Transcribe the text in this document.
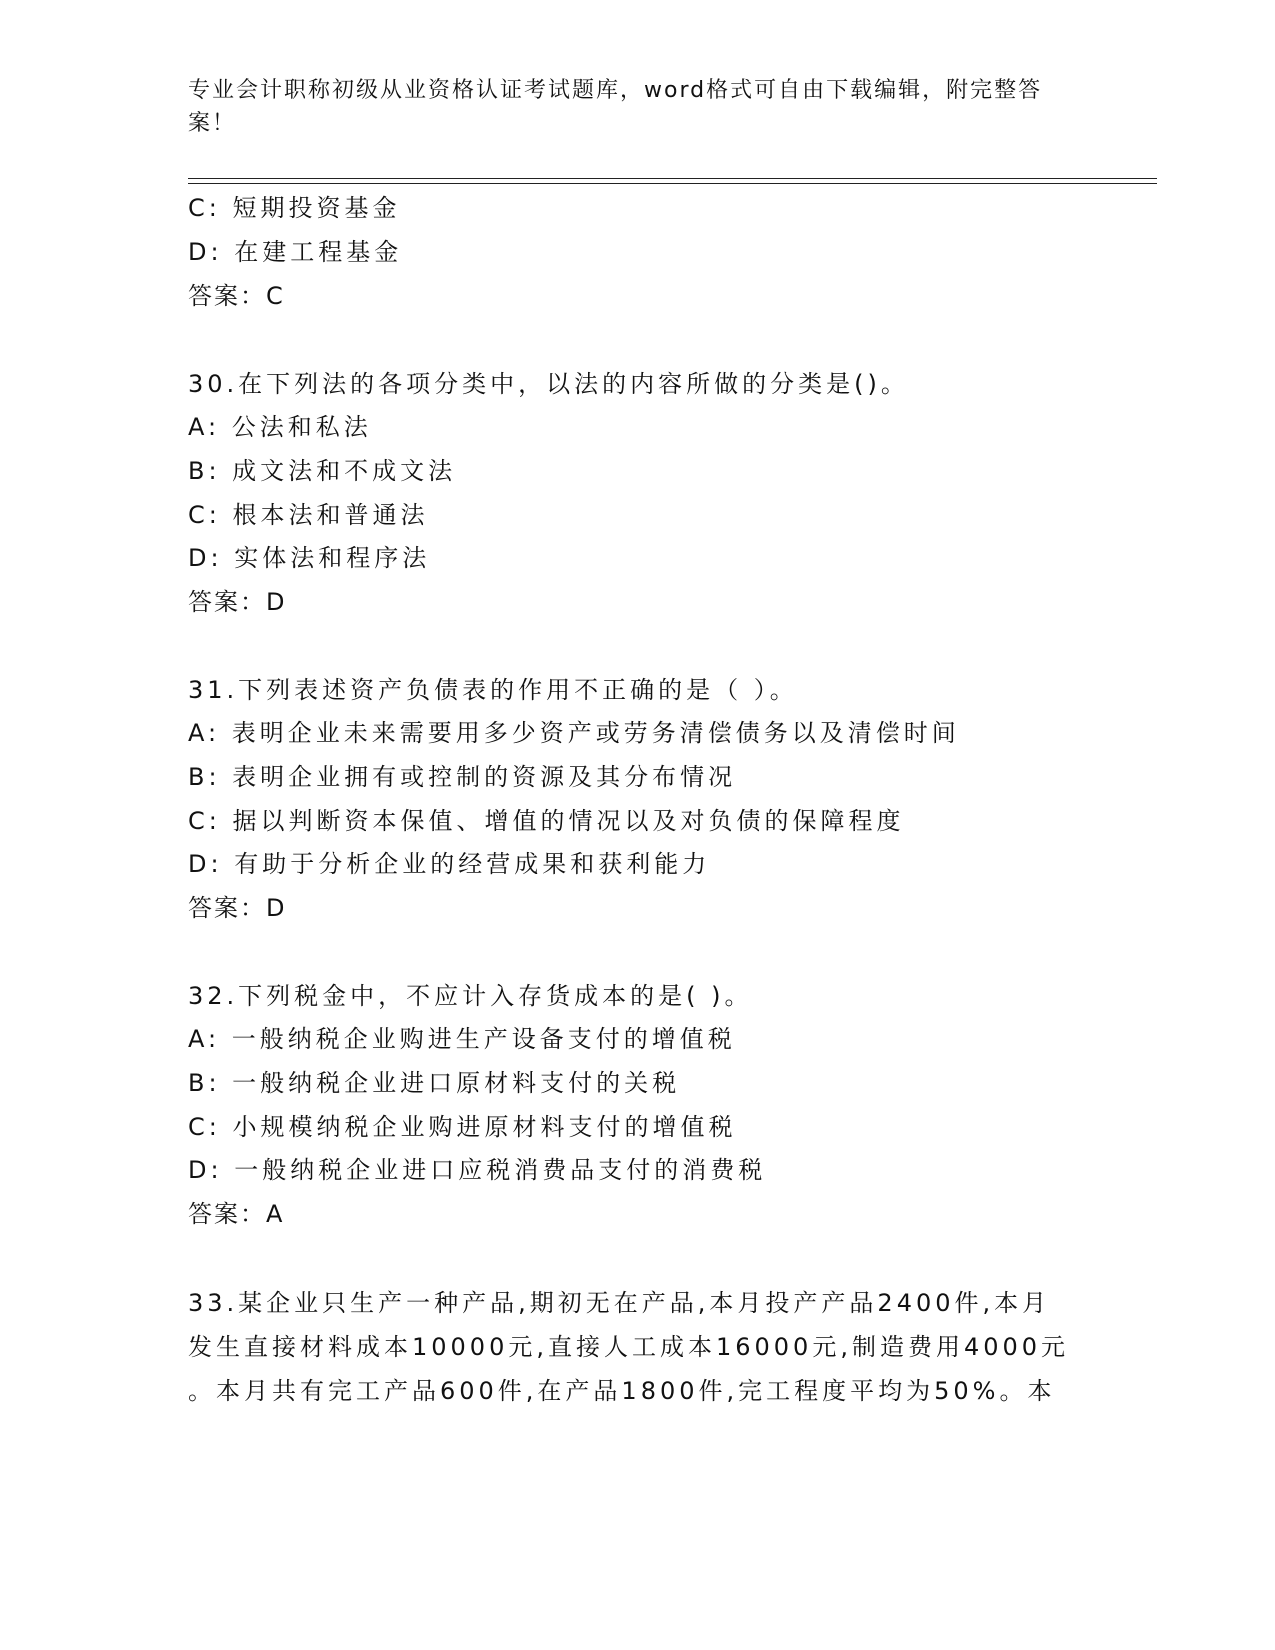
专业会计职称初级从业资格认证考试题库，word格式可自由下载编辑，附完整答
案！
C: 短期投资基金
D: 在建工程基金
答案：C
30.在下列法的各项分类中，以法的内容所做的分类是()。
A: 公法和私法
B: 成文法和不成文法
C: 根本法和普通法
D: 实体法和程序法
答案：D
31.下列表述资产负债表的作用不正确的是（ ）。
A: 表明企业未来需要用多少资产或劳务清偿债务以及清偿时间
B: 表明企业拥有或控制的资源及其分布情况
C: 据以判断资本保值、增值的情况以及对负债的保障程度
D: 有助于分析企业的经营成果和获利能力
答案：D
32.下列税金中，不应计入存货成本的是( )。
A: 一般纳税企业购进生产设备支付的增值税
B: 一般纳税企业进口原材料支付的关税
C: 小规模纳税企业购进原材料支付的增值税
D: 一般纳税企业进口应税消费品支付的消费税
答案：A
33.某企业只生产一种产品,期初无在产品,本月投产产品2400件,本月
发生直接材料成本10000元,直接人工成本16000元,制造费用4000元
。本月共有完工产品600件,在产品1800件,完工程度平均为50%。本
